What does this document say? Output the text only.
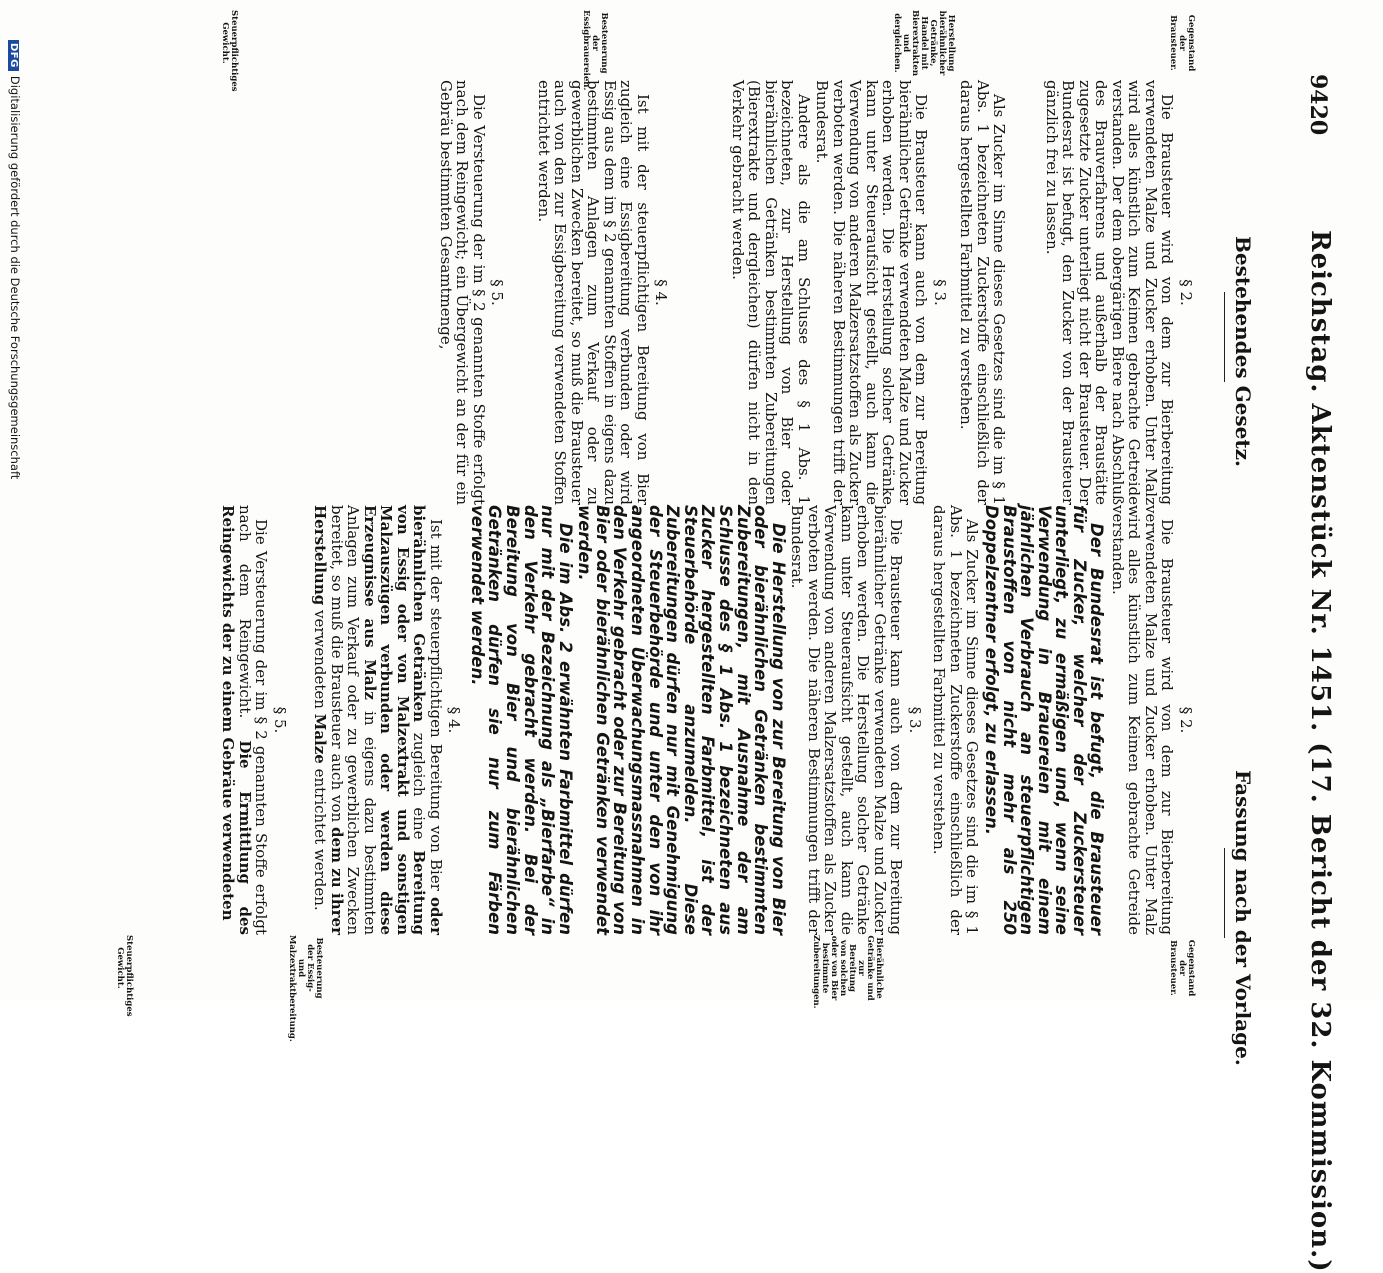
9420
Reichstag. Aktenstück Nr. 1451. (17. Bericht der 32. Kommission.)
Bestehendes Gesetz.
§ 2.

Die Brausteuer wird von dem zur Bierbereitung verwendeten Malze und Zucker erhoben. Unter Malz wird alles künstlich zum Keimen gebrachte Getreide verstanden. Der dem obergärigen Biere nach Abschluß des Brauverfahrens und außerhalb der Braustätte zugesetzte Zucker unterliegt nicht der Brausteuer. Der Bundesrat ist befugt, den Zucker von der Brausteuer gänzlich frei zu lassen.

Als Zucker im Sinne dieses Gesetzes sind die im § 1 Abs. 1 bezeichneten Zuckerstoffe einschließlich der daraus hergestellten Farbmittel zu verstehen.

§ 3.

Die Brausteuer kann auch von dem zur Bereitung bierähnlicher Getränke verwendeten Malze und Zucker erhoben werden. Die Herstellung solcher Getränke kann unter Steueraufsicht gestellt, auch kann die Verwendung von anderen Malzersatzstoffen als Zucker verboten werden. Die näheren Bestimmungen trifft der Bundesrat.

Andere als die am Schlusse des § 1 Abs. 1 bezeichneten, zur Herstellung von Bier oder bierähnlichen Getränken bestimmten Zubereitungen (Bierextrakte und dergleichen) dürfen nicht in den Verkehr gebracht werden.

§ 4.

Ist mit der steuerpflichtigen Bereitung von Bier zugleich eine Essigbereitung verbunden oder wird Essig aus dem im § 2 genannten Stoffen in eigens dazu bestimmten Anlagen zum Verkauf oder zu gewerblichen Zwecken bereitet, so muß die Brausteuer auch von den zur Essigbereitung verwendeten Stoffen entrichtet werden.

§ 5.

Die Versteuerung der im § 2 genannten Stoffe erfolgt nach dem Reingewicht; ein Übergewicht an der für ein Gebräu bestimmten Gesamtmenge,

Gegenstand der Brausteuer.
Herstellung bierähnlicher Getränke, Handel mit Bierextrakten und dergleichen.
Besteuerung der Essigbrauereien.
Steuerpflichtiges Gewicht.
Fassung nach der Vorlage.
§ 2.

Die Brausteuer wird von dem zur Bierbereitung verwendeten Malze und Zucker erhoben. Unter Malz wird alles künstlich zum Keimen gebrachte Getreide verstanden.

Der Bundesrat ist befugt, die Brausteuer für Zucker, welcher der Zuckersteuer unterliegt, zu ermäßigen und, wenn seine Verwendung in Brauereien mit einem jährlichen Verbrauch an steuerpflichtigen Braustoffen von nicht mehr als 250 Doppelzentner erfolgt, zu erlassen.

Als Zucker im Sinne dieses Gesetzes sind die im § 1 Abs. 1 bezeichneten Zuckerstoffe einschließlich der daraus hergestellten Farbmittel zu verstehen.

§ 3.

Die Brausteuer kann auch von dem zur Bereitung bierähnlicher Getränke verwendeten Malze und Zucker erhoben werden. Die Herstellung solcher Getränke kann unter Steueraufsicht gestellt, auch kann die Verwendung von anderen Malzersatzstoffen als Zucker verboten werden. Die näheren Bestimmungen trifft der Bundesrat.

Die Herstellung von zur Bereitung von Bier oder bierähnlichen Getränken bestimmten Zubereitungen, mit Ausnahme der am Schlusse des § 1 Abs. 1 bezeichneten aus Zucker hergestellten Farbmittel, ist der Steuerbehörde anzumelden. Diese Zubereitungen dürfen nur mit Genehmigung der Steuerbehörde und unter den von ihr angeordneten Überwachungsmassnahmen in den Verkehr gebracht oder zur Bereitung von Bier oder bierähnlichen Getränken verwendet werden.

Die im Abs. 2 erwähnten Farbmittel dürfen nur mit der Bezeichnung als „Bierfarbe“ in den Verkehr gebracht werden. Bei der Bereitung von Bier und bierähnlichen Getränken dürfen sie nur zum Färben verwendet werden.

§ 4.

Ist mit der steuerpflichtigen Bereitung von Bier oder bierähnlichen Getränken zugleich eine Bereitung von Essig oder von Malzextrakt und sonstigen Malzauszügen verbunden oder werden diese Erzeugnisse aus Malz in eigens dazu bestimmten Anlagen zum Verkauf oder zu gewerblichen Zwecken bereitet, so muß die Brausteuer auch von dem zu ihrer Herstellung verwendeten Malze entrichtet werden.

§ 5.

Die Versteuerung der im § 2 genannten Stoffe erfolgt nach dem Reingewicht. Die Ermittlung des Reingewichts der zu einem Gebräue verwendeten

Gegenstand der Brausteuer.
Bierähnliche Getränke und zur Bereitung von solchen oder von Bier bestimmte Zubereitungen.
Besteuerung der Essig- und Malzextraktbereitung.
Steuerpflichtiges Gewicht.
DFGDigitalisierung gefördert durch die Deutsche Forschungsgemeinschaft
